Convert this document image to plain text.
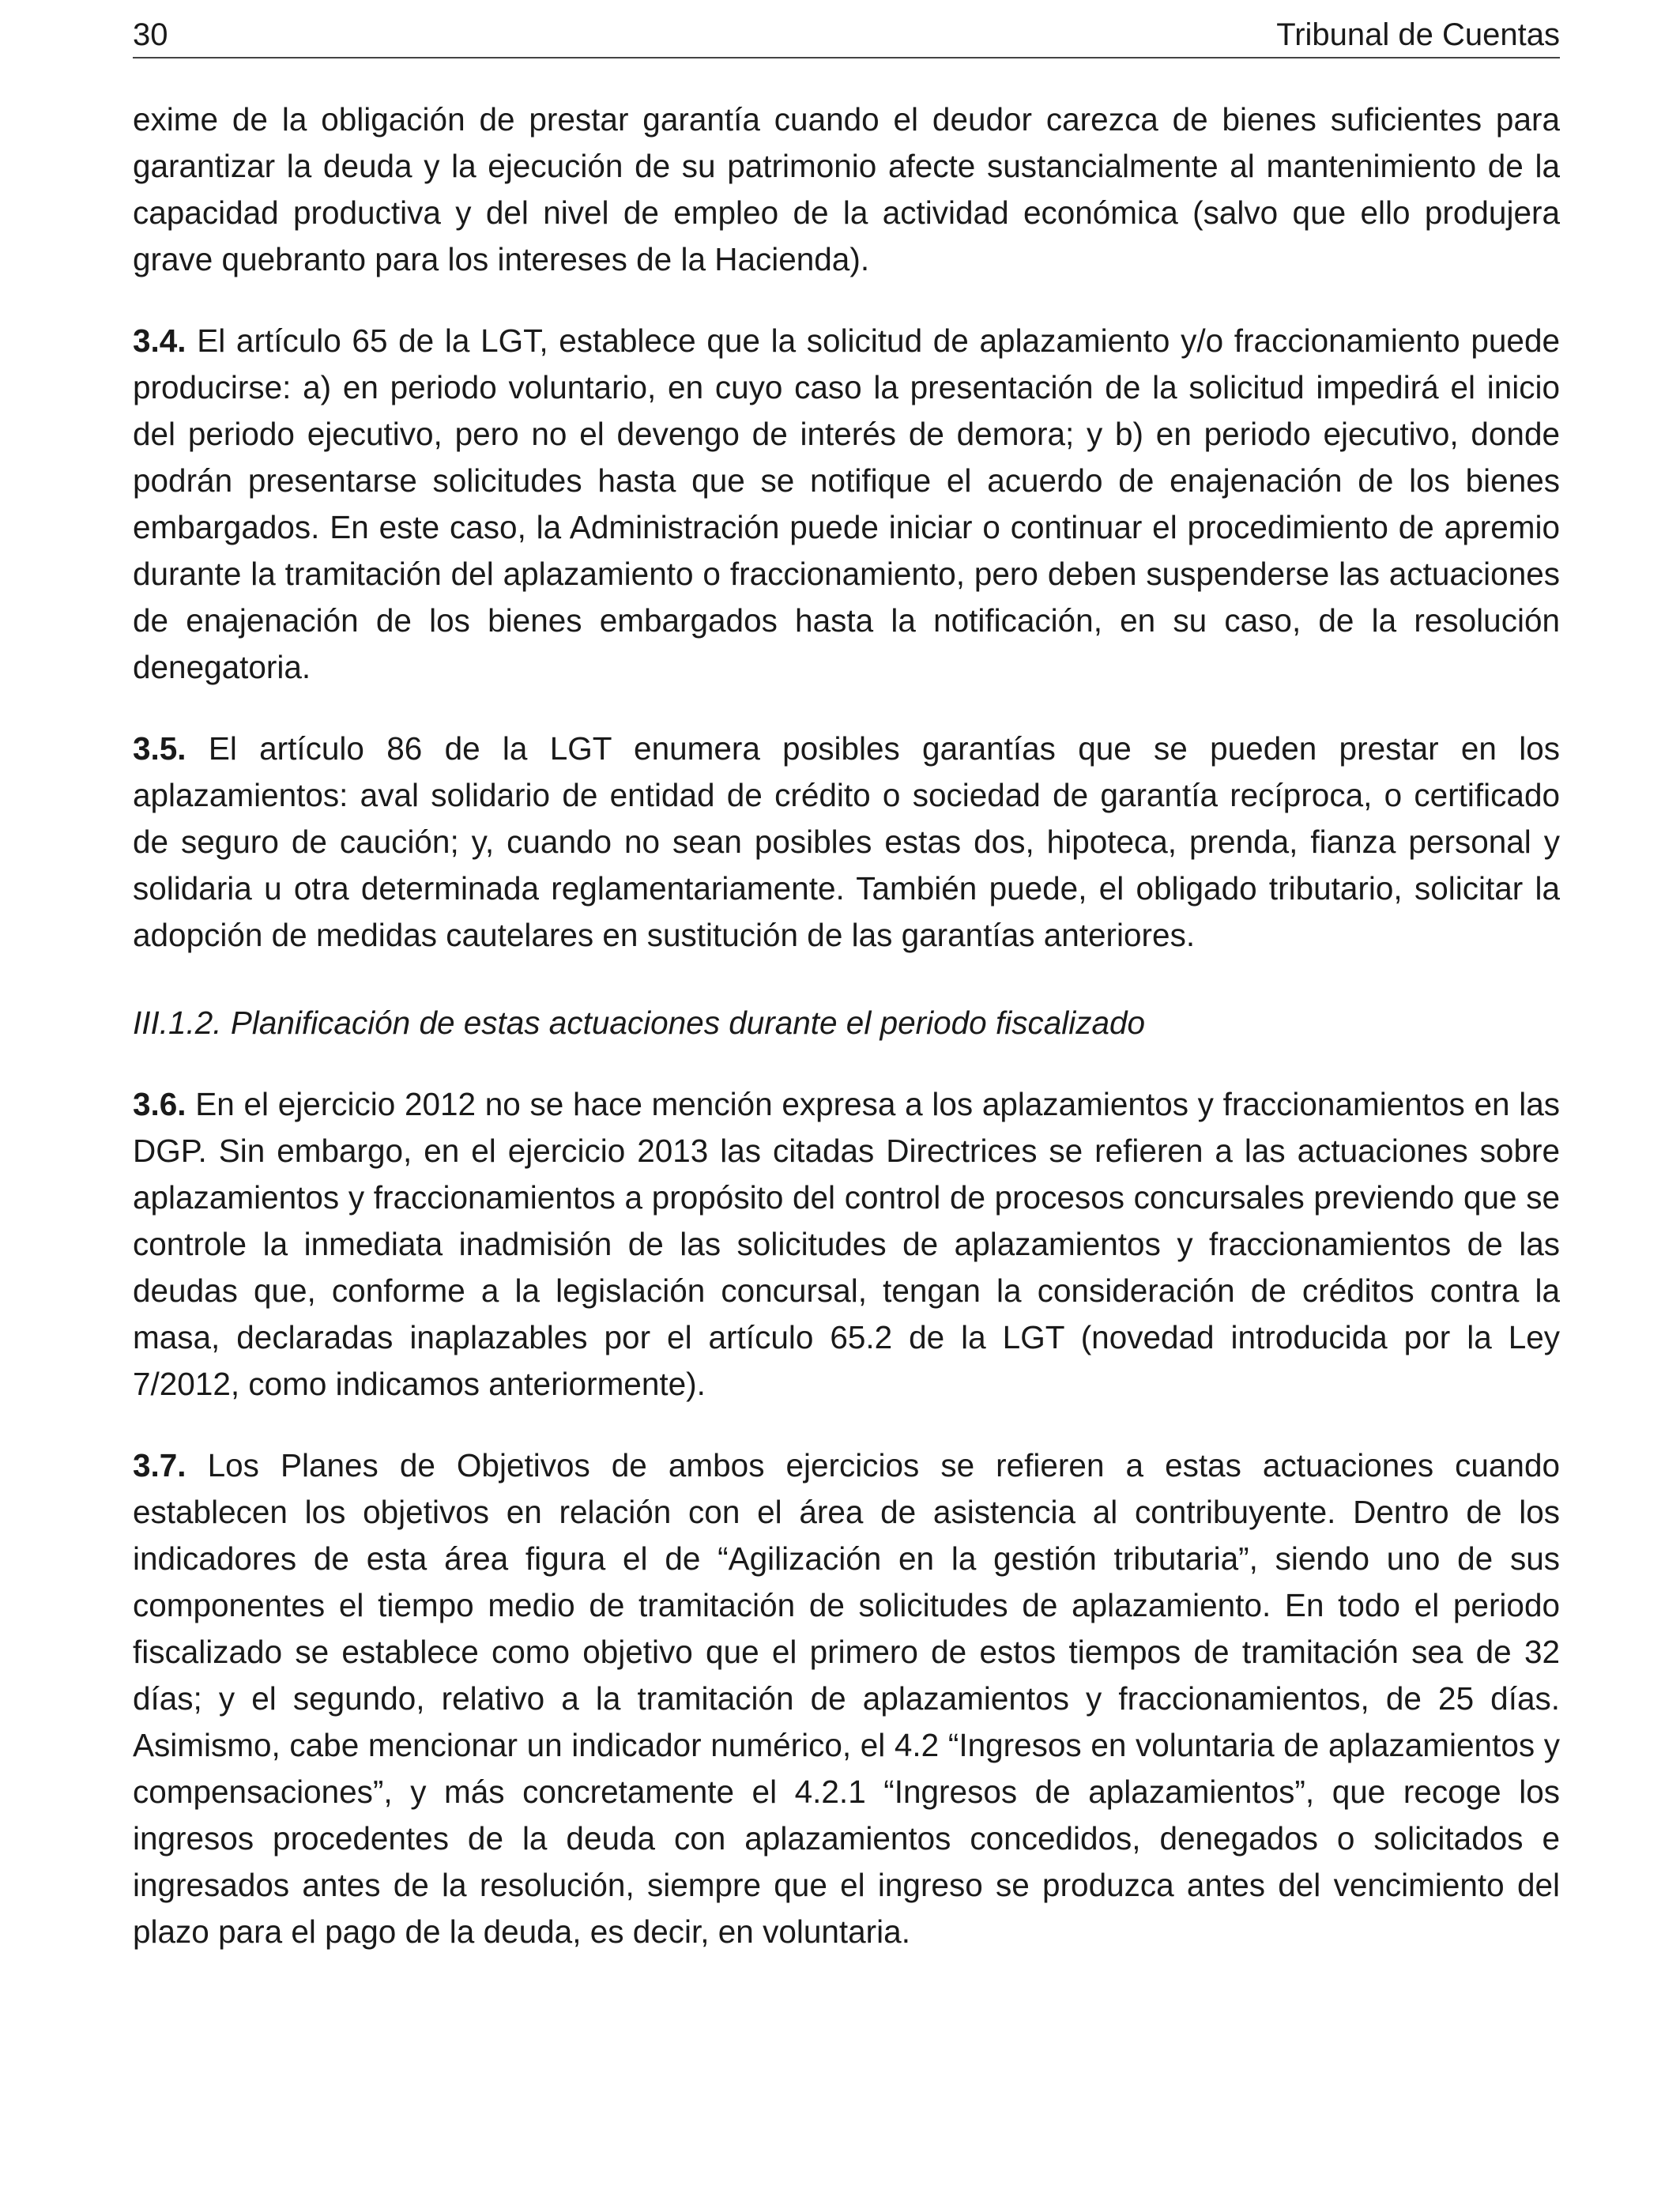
30	Tribunal de Cuentas

exime de la obligación de prestar garantía cuando el deudor carezca de bienes suficientes para garantizar la deuda y la ejecución de su patrimonio afecte sustancialmente al mantenimiento de la capacidad productiva y del nivel de empleo de la actividad económica (salvo que ello produjera grave quebranto para los intereses de la Hacienda).

3.4. El artículo 65 de la LGT, establece que la solicitud de aplazamiento y/o fraccionamiento puede producirse: a) en periodo voluntario, en cuyo caso la presentación de la solicitud impedirá el inicio del periodo ejecutivo, pero no el devengo de interés de demora; y b) en periodo ejecutivo, donde podrán presentarse solicitudes hasta que se notifique el acuerdo de enajenación de los bienes embargados. En este caso, la Administración puede iniciar o continuar el procedimiento de apremio durante la tramitación del aplazamiento o fraccionamiento, pero deben suspenderse las actuaciones de enajenación de los bienes embargados hasta la notificación, en su caso, de la resolución denegatoria.

3.5. El artículo 86 de la LGT enumera posibles garantías que se pueden prestar en los aplazamientos: aval solidario de entidad de crédito o sociedad de garantía recíproca, o certificado de seguro de caución; y, cuando no sean posibles estas dos, hipoteca, prenda, fianza personal y solidaria u otra determinada reglamentariamente. También puede, el obligado tributario, solicitar la adopción de medidas cautelares en sustitución de las garantías anteriores.

III.1.2. Planificación de estas actuaciones durante el periodo fiscalizado

3.6. En el ejercicio 2012 no se hace mención expresa a los aplazamientos y fraccionamientos en las DGP. Sin embargo, en el ejercicio 2013 las citadas Directrices se refieren a las actuaciones sobre aplazamientos y fraccionamientos a propósito del control de procesos concursales previendo que se controle la inmediata inadmisión de las solicitudes de aplazamientos y fraccionamientos de las deudas que, conforme a la legislación concursal, tengan la consideración de créditos contra la masa, declaradas inaplazables por el artículo 65.2 de la LGT (novedad introducida por la Ley 7/2012, como indicamos anteriormente).

3.7. Los Planes de Objetivos de ambos ejercicios se refieren a estas actuaciones cuando establecen los objetivos en relación con el área de asistencia al contribuyente. Dentro de los indicadores de esta área figura el de “Agilización en la gestión tributaria”, siendo uno de sus componentes el tiempo medio de tramitación de solicitudes de aplazamiento. En todo el periodo fiscalizado se establece como objetivo que el primero de estos tiempos de tramitación sea de 32 días; y el segundo, relativo a la tramitación de aplazamientos y fraccionamientos, de 25 días. Asimismo, cabe mencionar un indicador numérico, el 4.2 “Ingresos en voluntaria de aplazamientos y compensaciones”, y más concretamente el 4.2.1 “Ingresos de aplazamientos”, que recoge los ingresos procedentes de la deuda con aplazamientos concedidos, denegados o solicitados e ingresados antes de la resolución, siempre que el ingreso se produzca antes del vencimiento del plazo para el pago de la deuda, es decir, en voluntaria.
